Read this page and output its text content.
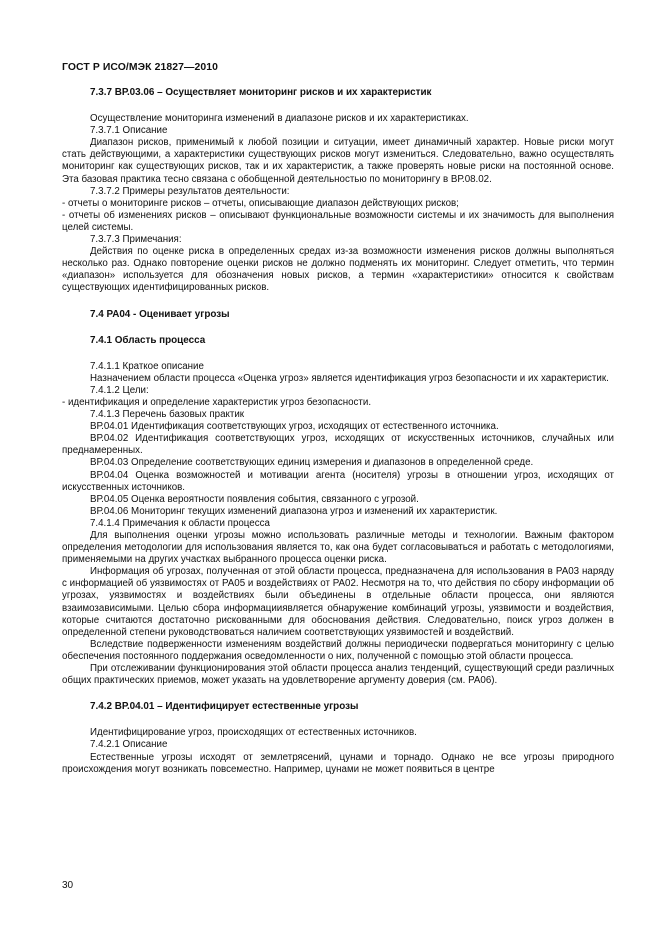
ГОСТ Р ИСО/МЭК 21827—2010
7.3.7 ВР.03.06 – Осуществляет мониторинг рисков и их характеристик

Осуществление мониторинга изменений в диапазоне рисков и их характеристиках.

7.3.7.1 Описание

Диапазон рисков, применимый к любой позиции и ситуации, имеет динамичный характер. Новые риски могут стать действующими, а характеристики существующих рисков могут измениться. Следовательно, важно осуществлять мониторинг как существующих рисков, так и их характеристик, а также проверять новые риски на постоянной основе. Эта базовая практика тесно связана с обобщенной деятельностью по мониторингу в ВР.08.02.

7.3.7.2 Примеры результатов деятельности:

- отчеты о мониторинге рисков – отчеты, описывающие диапазон действующих рисков;

- отчеты об изменениях рисков – описывают функциональные возможности системы и их значимость для выполнения целей системы.

7.3.7.3 Примечания:

Действия по оценке риска в определенных средах из-за возможности изменения рисков должны выполняться несколько раз. Однако повторение оценки рисков не должно подменять их мониторинг. Следует отметить, что термин «диапазон» используется для обозначения новых рисков, а термин «характеристики» относится к свойствам существующих идентифицированных рисков.

7.4 РА04 - Оценивает угрозы
7.4.1 Область процесса

7.4.1.1 Краткое описание

Назначением области процесса «Оценка угроз» является идентификация угроз безопасности и их характеристик.

7.4.1.2 Цели:

- идентификация и определение характеристик угроз безопасности.

7.4.1.3 Перечень базовых практик

ВР.04.01 Идентификация соответствующих угроз, исходящих от естественного источника.

ВР.04.02 Идентификация соответствующих угроз, исходящих от искусственных источников, случайных или преднамеренных.

ВР.04.03 Определение соответствующих единиц измерения и диапазонов в определенной среде.

ВР.04.04 Оценка возможностей и мотивации агента (носителя) угрозы в отношении угроз, исходящих от искусственных источников.

ВР.04.05 Оценка вероятности появления события, связанного с угрозой.

ВР.04.06 Мониторинг текущих изменений диапазона угроз и изменений их характеристик.

7.4.1.4 Примечания к области процесса

Для выполнения оценки угрозы можно использовать различные методы и технологии. Важным фактором определения методологии для использования является то, как она будет согласовываться и работать с методологиями, применяемыми на других участках выбранного процесса оценки риска.

Информация об угрозах, полученная от этой области процесса, предназначена для использования в РА03 наряду с информацией об уязвимостях от РА05 и воздействиях от РА02. Несмотря на то, что действия по сбору информации об угрозах, уязвимостях и воздействиях были объединены в отдельные области процесса, они являются взаимозависимыми. Целью сбора информацииявляется обнаружение комбинаций угрозы, уязвимости и воздействия, которые считаются достаточно рискованными для обоснования действия. Следовательно, поиск угроз должен в определенной степени руководствоваться наличием соответствующих уязвимостей и воздействий.

Вследствие подверженности изменениям воздействий должны периодически подвергаться мониторингу с целью обеспечения постоянного поддержания осведомленности о них, полученной с помощью этой области процесса.

При отслеживании функционирования этой области процесса анализ тенденций, существующий среди различных общих практических приемов, может указать на удовлетворение аргументу доверия (см. РА06).

7.4.2 ВР.04.01 – Идентифицирует естественные угрозы

Идентифицирование угроз, происходящих от естественных источников.

7.4.2.1 Описание

Естественные угрозы исходят от землетрясений, цунами и торнадо. Однако не все угрозы природного происхождения могут возникать повсеместно. Например, цунами не может появиться в центре

30
